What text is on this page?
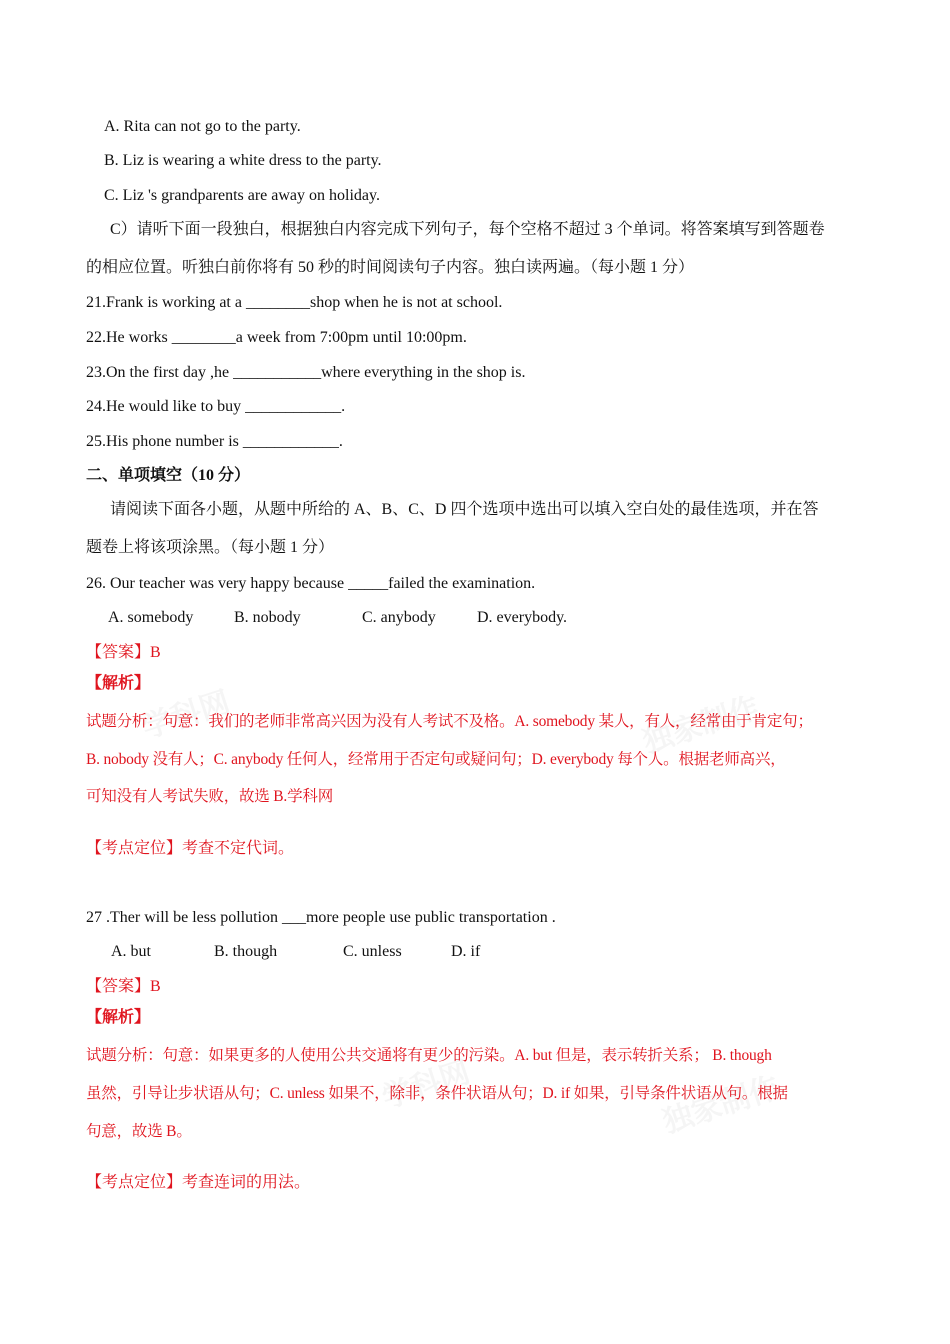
学科网	独家制作
学科网	独家制作
A. Rita can not go to the party.
B. Liz is wearing a white dress to the party.
C. Liz 's grandparents are away on holiday.
C）请听下面一段独白，根据独白内容完成下列句子，每个空格不超过 3 个单词。将答案填写到答题卷
的相应位置。听独白前你将有 50 秒的时间阅读句子内容。独白读两遍。（每小题 1 分）
21.Frank is working at a ________shop when he is not at school.
22.He works ________a week from 7:00pm until 10:00pm.
23.On the first day ,he ___________where everything in the shop is.
24.He would like to buy ____________.
25.His phone number is ____________.
二、单项填空（10 分）
请阅读下面各小题，从题中所给的 A、B、C、D 四个选项中选出可以填入空白处的最佳选项，并在答
题卷上将该项涂黑。（每小题 1 分）
26. Our teacher was very happy because _____failed the examination.
A. somebody	B. nobody	C. anybody	D. everybody.
【答案】B
【解析】
试题分析：句意：我们的老师非常高兴因为没有人考试不及格。A. somebody 某人，有人，经常由于肯定句；
B. nobody 没有人；C. anybody 任何人，经常用于否定句或疑问句；D. everybody 每个人。根据老师高兴，
可知没有人考试失败，故选 B.学科网
【考点定位】考查不定代词。
27 .Ther will be less pollution ___more people use public transportation .
A. but	B. though	C. unless	D. if
【答案】B
【解析】
试题分析：句意：如果更多的人使用公共交通将有更少的污染。A. but 但是，表示转折关系； B. though
虽然，引导让步状语从句；C. unless 如果不，除非，条件状语从句；D. if 如果，引导条件状语从句。根据
句意，故选 B。
【考点定位】考查连词的用法。
